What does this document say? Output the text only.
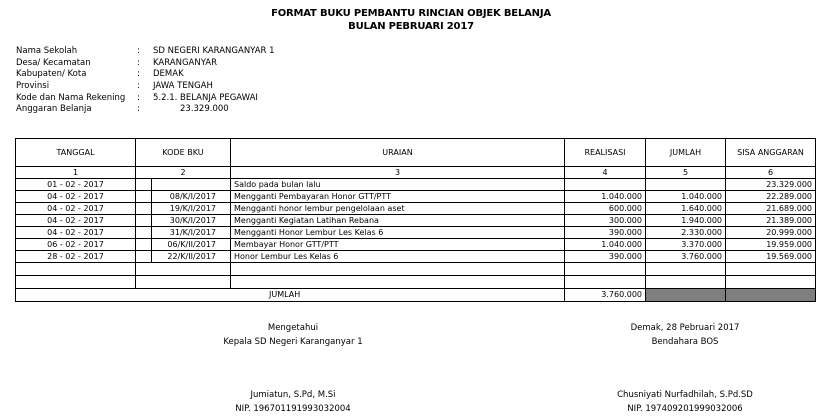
FORMAT BUKU PEMBANTU RINCIAN OBJEK BELANJA
BULAN PEBRUARI 2017
Nama Sekolah	: SD NEGERI KARANGANYAR 1
Desa/ Kecamatan	: KARANGANYAR
Kabupaten/ Kota	: DEMAK
Provinsi	: JAWA TENGAH
Kode dan Nama Rekening : 5.2.1. BELANJA PEGAWAI
Anggaran Belanja	:	23.329.000
TANGGAL	KODE BKU	URAIAN	REALISASI	JUMLAH	SISA ANGGARAN
1	2	3	4	5	6
01 - 02 - 2017		Saldo pada bulan lalu			23.329.000
04 - 02 - 2017	08/K/I/2017	Mengganti Pembayaran Honor GTT/PTT	1.040.000	1.040.000	22.289.000
04 - 02 - 2017	19/K/I/2017	Mengganti honor lembur pengelolaan aset	600.000	1.640.000	21.689.000
04 - 02 - 2017	30/K/I/2017	Mengganti Kegiatan Latihan Rebana	300.000	1.940.000	21.389.000
04 - 02 - 2017	31/K/I/2017	Mengganti Honor Lembur Les Kelas 6	390.000	2.330.000	20.999.000
06 - 02 - 2017	06/K/II/2017	Membayar Honor GTT/PTT	1.040.000	3.370.000	19.959.000
28 - 02 - 2017	22/K/II/2017	Honor Lembur Les Kelas 6	390.000	3.760.000	19.569.000

JUMLAH			3.760.000		
Mengetahui
Kepala SD Negeri Karanganyar 1
Jumiatun, S.Pd, M.Si
NIP. 196701191993032004
Demak, 28 Pebruari 2017
Bendahara BOS
Chusniyati Nurfadhilah, S.Pd.SD
NIP. 197409201999032006
